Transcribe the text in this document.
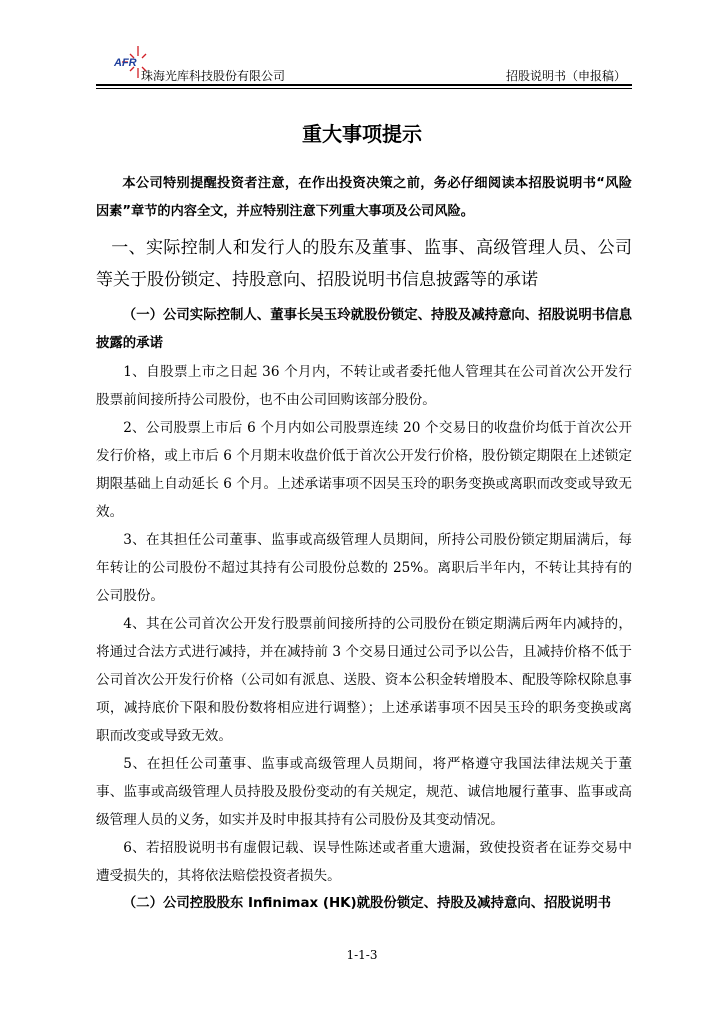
AFR
珠海光库科技股份有限公司	招股说明书（申报稿）
重大事项提示

本公司特别提醒投资者注意，在作出投资决策之前，务必仔细阅读本招股说明书“风险因素”章节的内容全文，并应特别注意下列重大事项及公司风险。

一、实际控制人和发行人的股东及董事、监事、高级管理人员、公司等关于股份锁定、持股意向、招股说明书信息披露等的承诺

（一）公司实际控制人、董事长吴玉玲就股份锁定、持股及减持意向、招股说明书信息披露的承诺

1、自股票上市之日起 36 个月内，不转让或者委托他人管理其在公司首次公开发行股票前间接所持公司股份，也不由公司回购该部分股份。

2、公司股票上市后 6 个月内如公司股票连续 20 个交易日的收盘价均低于首次公开发行价格，或上市后 6 个月期末收盘价低于首次公开发行价格，股份锁定期限在上述锁定期限基础上自动延长 6 个月。上述承诺事项不因吴玉玲的职务变换或离职而改变或导致无效。

3、在其担任公司董事、监事或高级管理人员期间，所持公司股份锁定期届满后，每年转让的公司股份不超过其持有公司股份总数的 25%。离职后半年内，不转让其持有的公司股份。

4、其在公司首次公开发行股票前间接所持的公司股份在锁定期满后两年内减持的，将通过合法方式进行减持，并在减持前 3 个交易日通过公司予以公告，且减持价格不低于公司首次公开发行价格（公司如有派息、送股、资本公积金转增股本、配股等除权除息事项，减持底价下限和股份数将相应进行调整）；上述承诺事项不因吴玉玲的职务变换或离职而改变或导致无效。

5、在担任公司董事、监事或高级管理人员期间，将严格遵守我国法律法规关于董事、监事或高级管理人员持股及股份变动的有关规定，规范、诚信地履行董事、监事或高级管理人员的义务，如实并及时申报其持有公司股份及其变动情况。

6、若招股说明书有虚假记载、误导性陈述或者重大遗漏，致使投资者在证券交易中遭受损失的，其将依法赔偿投资者损失。

（二）公司控股股东 Infinimax (HK)就股份锁定、持股及减持意向、招股说明书

1-1-3
